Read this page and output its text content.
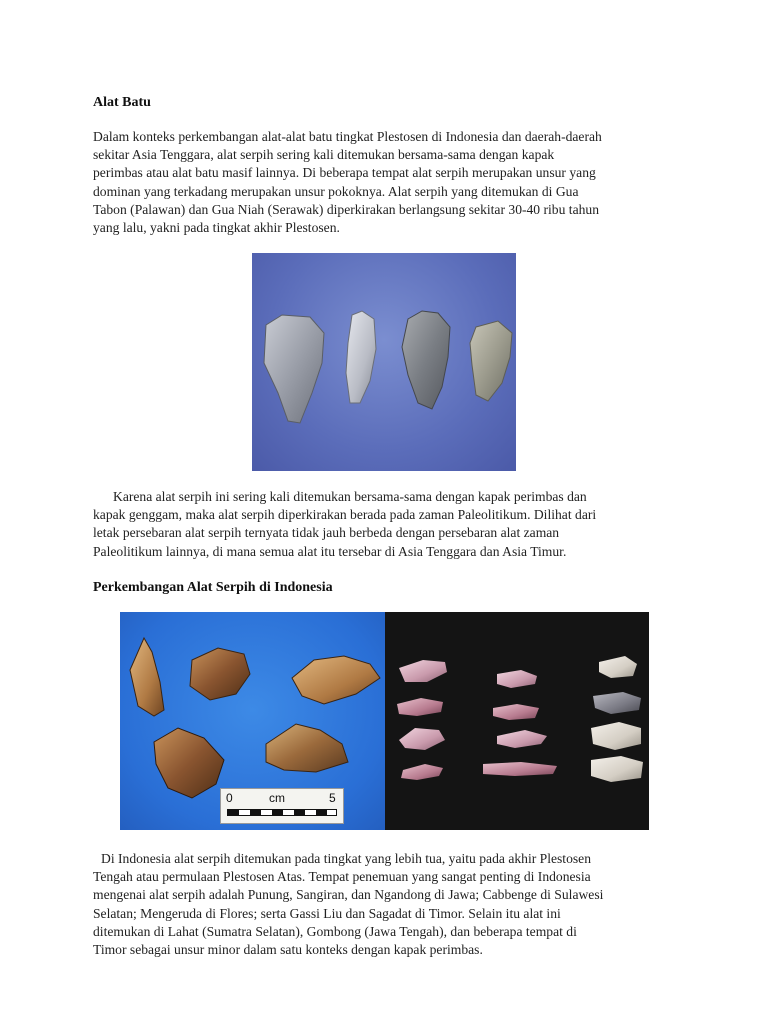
Alat Batu
Dalam konteks perkembangan alat-alat batu tingkat Plestosen di Indonesia dan daerah-daerah
sekitar Asia Tenggara, alat serpih sering kali ditemukan bersama-sama dengan kapak
perimbas atau alat batu masif lainnya. Di beberapa tempat alat serpih merupakan unsur yang
dominan yang terkadang merupakan unsur pokoknya. Alat serpih yang ditemukan di Gua
Tabon (Palawan) dan Gua Niah (Serawak) diperkirakan berlangsung sekitar 30-40 ribu tahun
yang lalu, yakni pada tingkat akhir Plestosen.
Karena alat serpih ini sering kali ditemukan bersama-sama dengan kapak perimbas dan
kapak genggam, maka alat serpih diperkirakan berada pada zaman Paleolitikum. Dilihat dari
letak persebaran alat serpih ternyata tidak jauh berbeda dengan persebaran alat zaman
Paleolitikum lainnya, di mana semua alat itu tersebar di Asia Tenggara dan Asia Timur.
Perkembangan Alat Serpih di Indonesia
0	cm	5
Di Indonesia alat serpih ditemukan pada tingkat yang lebih tua, yaitu pada akhir Plestosen
Tengah atau permulaan Plestosen Atas. Tempat penemuan yang sangat penting di Indonesia
mengenai alat serpih adalah Punung, Sangiran, dan Ngandong di Jawa; Cabbenge di Sulawesi
Selatan; Mengeruda di Flores; serta Gassi Liu dan Sagadat di Timor. Selain itu alat ini
ditemukan di Lahat (Sumatra Selatan), Gombong (Jawa Tengah), dan beberapa tempat di
Timor sebagai unsur minor dalam satu konteks dengan kapak perimbas.
